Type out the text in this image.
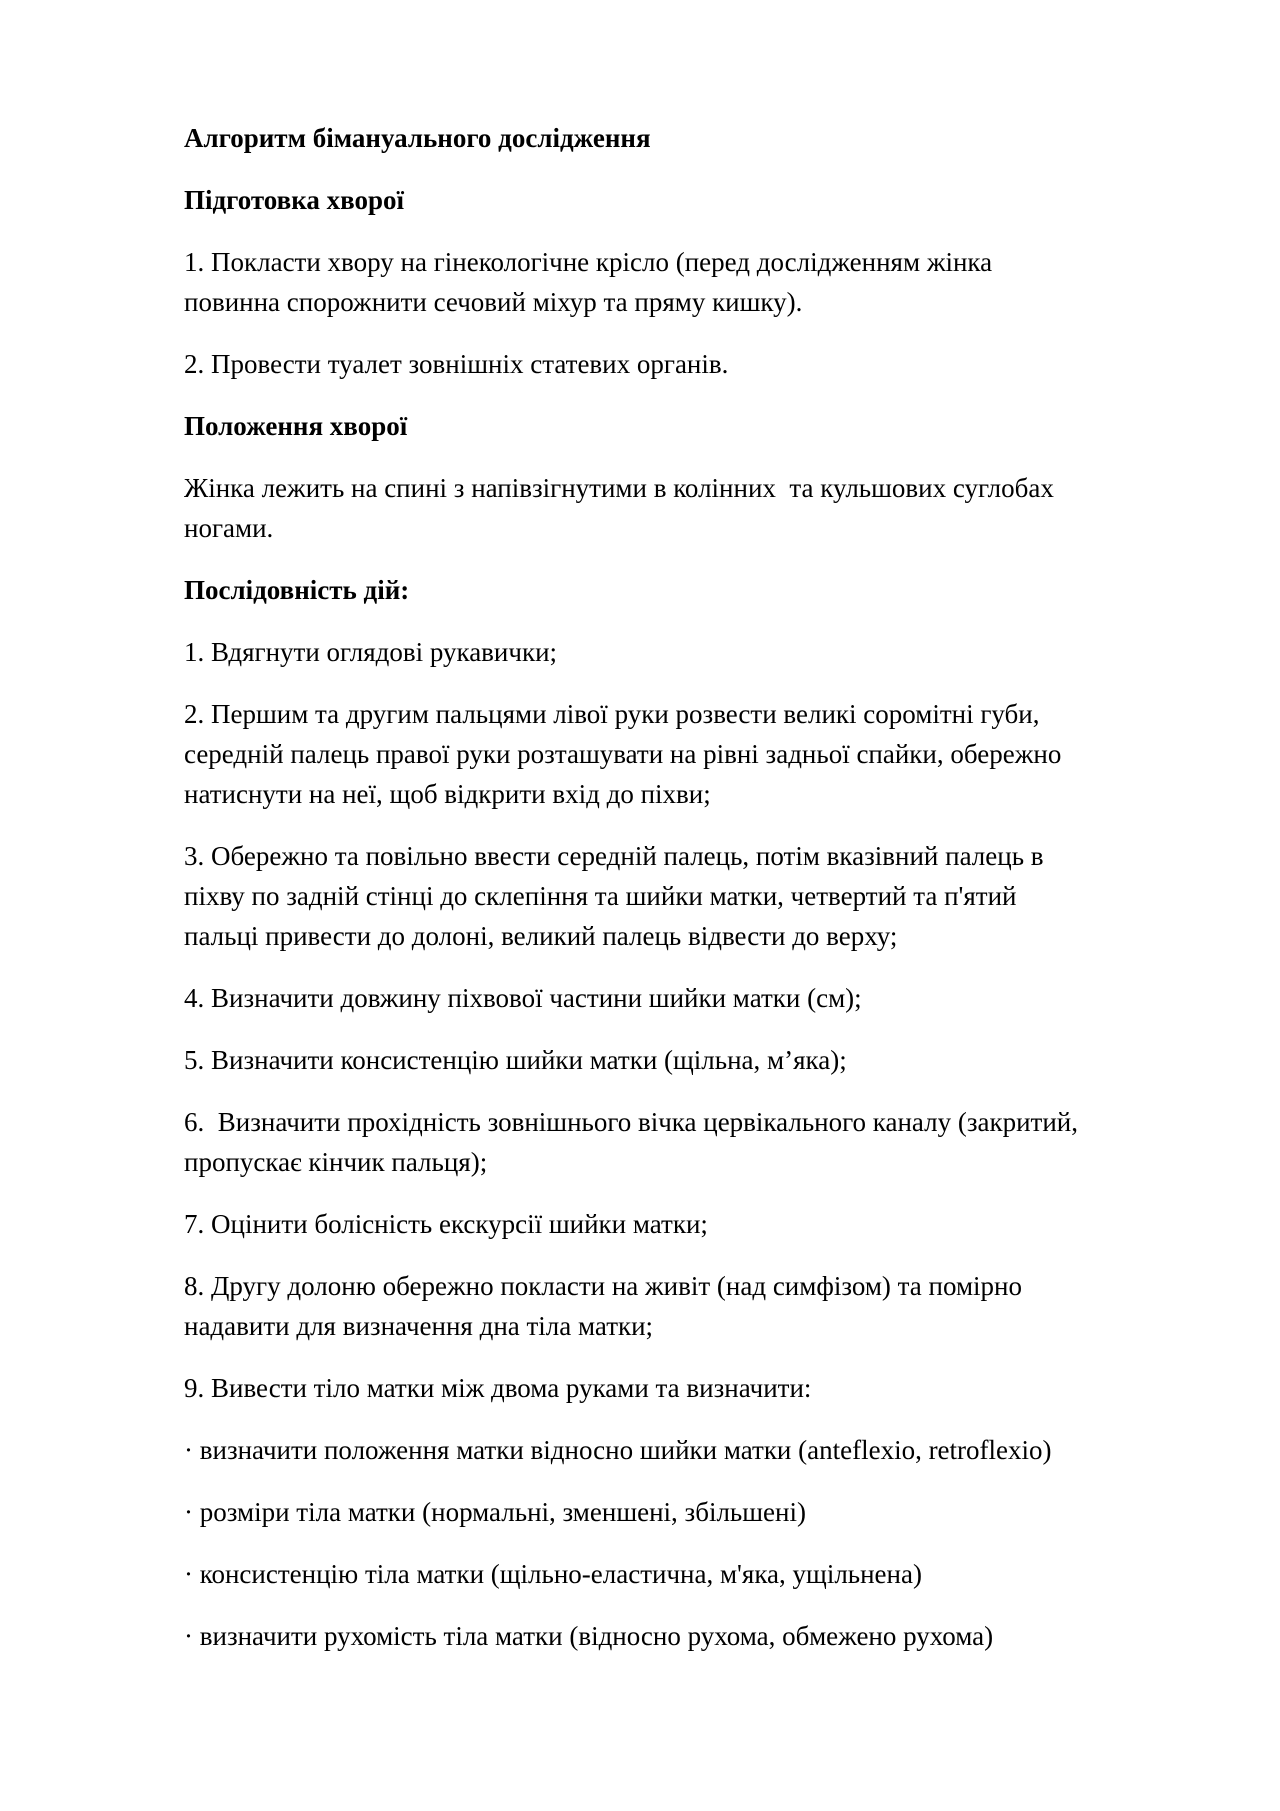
Алгоритм бімануального дослідження

Підготовка хворої

1. Покласти хвору на гінекологічне крісло (перед дослідженням жінка
повинна спорожнити сечовий міхур та пряму кишку).

2. Провести туалет зовнішніх статевих органів.

Положення хворої

Жінка лежить на спині з напівзігнутими в колінних  та кульшових суглобах
ногами.

Послідовність дій:

1. Вдягнути оглядові рукавички;

2. Першим та другим пальцями лівої руки розвести великі соромітні губи,
середній палець правої руки розташувати на рівні задньої спайки, обережно
натиснути на неї, щоб відкрити вхід до піхви;

3. Обережно та повільно ввести середній палець, потім вказівний палець в
піхву по задній стінці до склепіння та шийки матки, четвертий та п'ятий
пальці привести до долоні, великий палець відвести до верху;

4. Визначити довжину піхвової частини шийки матки (см);

5. Визначити консистенцію шийки матки (щільна, м’яка);

6.  Визначити прохідність зовнішнього вічка цервікального каналу (закритий,
пропускає кінчик пальця);

7. Оцінити болісність екскурсії шийки матки;

8. Другу долоню обережно покласти на живіт (над симфізом) та помірно
надавити для визначення дна тіла матки;

9. Вивести тіло матки між двома руками та визначити:

· визначити положення матки відносно шийки матки (anteflexio, retroflexio)

· розміри тіла матки (нормальні, зменшені, збільшені)

· консистенцію тіла матки (щільно-еластична, м'яка, ущільнена)

· визначити рухомість тіла матки (відносно рухома, обмежено рухома)
